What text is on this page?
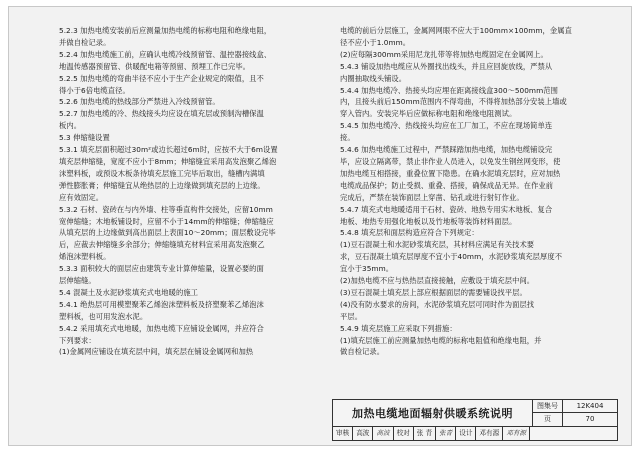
5.2.3 加热电缆安装前后应测量加热电缆的标称电阻和绝缘电阻，
并做自检记录。

5.2.4 加热电缆施工前，应确认电缆冷线预留管、温控器接线盒、
地温传感器预留管、供暖配电箱等预留、预埋工作已完毕。

5.2.5 加热电缆的弯曲半径不应小于生产企业规定的限值，且不
得小于6倍电缆直径。

5.2.6 加热电缆的热线部分严禁进入冷线预留管。

5.2.7 加热电缆的冷、热线接头均应设在填充层或预制沟槽保温
板内。

5.3 伸缩缝设置

5.3.1 填充层面积超过30m²或边长超过6m时，应按不大于6m设置
填充层伸缩缝，宽度不应小于8mm；伸缩缝宜采用高发泡聚乙烯泡
沫塑料板，或预设木板条待填充层施工完毕后取出，缝槽内满填
弹性膨胀膏；伸缩缝宜从绝热层的上边缘做到填充层的上边缘。
应有效固定。

5.3.2 石材、瓷砖在与内外墙、柱等垂直构件交接处，应留10mm
宽伸缩缝；木地板铺设时，应留不小于14mm的伸缩缝；伸缩缝应
从填充层的上边缘做到高出面层上表面10～20mm；面层敷设完毕
后，应裁去伸缩缝多余部分；伸缩缝填充材料宜采用高发泡聚乙
烯泡沫塑料板。

5.3.3 面积较大的面层应由建筑专业计算伸缩量，设置必要的面
层伸缩缝。

5.4 混凝土及水泥砂浆填充式电地暖的施工

5.4.1 绝热层可用模塑聚苯乙烯泡沫塑料板及挤塑聚苯乙烯泡沫
塑料板，也可用发泡水泥。

5.4.2 采用填充式电地暖，加热电缆下应铺设金属网，并应符合
下列要求：

(1)金属网应铺设在填充层中间，填充层在铺设金属网和加热

电缆的前后分层施工，金属网网眼不应大于100mm×100mm，金属直
径不应小于1.0mm。

(2)应每隔300mm采用尼龙扎带等将加热电缆固定在金属网上。

5.4.3 铺设加热电缆应从外圈找出线头，并且应回旋放线，严禁从
内圈抽取线头铺设。

5.4.4 加热电缆冷、热接头均应埋在距离接线盒300～500mm范围
内，且接头前后150mm范围内不得弯曲，不得将加热部分安装上墙或
穿入管内。安装完毕后应做标称电阻和绝缘电阻测试。

5.4.5 加热电缆冷、热线接头均应在工厂加工，不应在现场简单连
接。

5.4.6 加热电缆施工过程中，严禁踩踏加热电缆，加热电缆铺设完
毕，应设立隔离带，禁止非作业人员进入，以免发生钢丝网变形，使
加热电缆互相搭接，重叠位置下隐患。在确水泥填充层时，应对加热
电缆成品保护；防止受损、重叠、搭接，确保成品无异。在作业前
完成后，严禁在装饰面层上穿凿、钻孔或进行射钉作业。

5.4.7 填充式电地暖适用于石材、瓷砖、地热专用实木地板、复合
地板、地热专用强化地板以及竹地板等装饰材料面层。

5.4.8 填充层和面层构造应符合下列规定：

(1)豆石混凝土和水泥砂浆填充层，其材料应满足有关技术要
求，豆石混凝土填充层厚度不宜小于40mm，水泥砂浆填充层厚度不
宜小于35mm。

(2)加热电缆不应与热热层直接接触，应敷设于填充层中间。

(3)豆石混凝土填充层上部应根据面层的需要铺设找平层。

(4)没有防水要求的房间，水泥砂浆填充层可同时作为面层找
平层。

5.4.9 填充层施工应采取下列措施：

(1)填充层施工前应测量加热电缆的标称电阻值和绝缘电阻，并
做自检记录。

加热电缆地面辐射供暖系统说明
图集号	12K404
页	70
审核 高波 高波 校对 张 青 张青 设计 邓有源 邓有源
